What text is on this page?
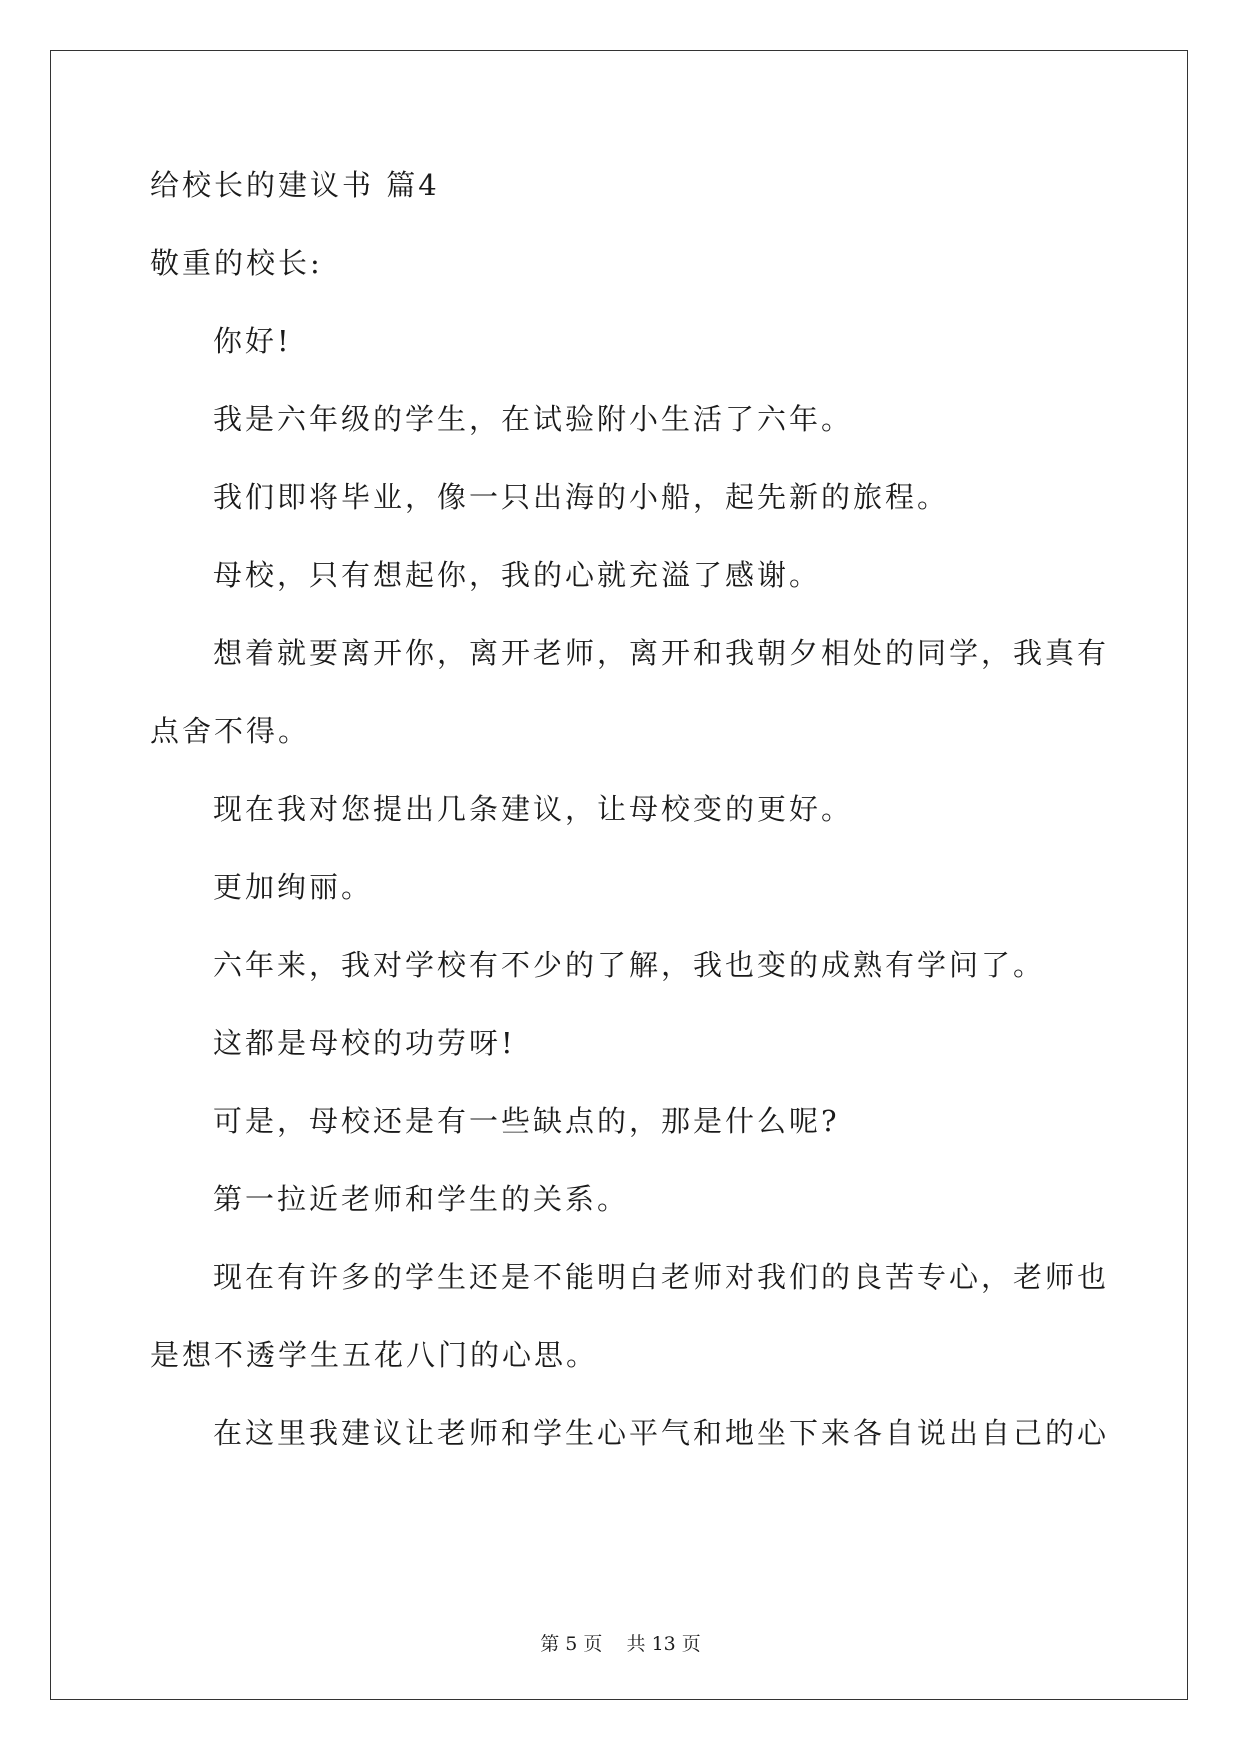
给校长的建议书 篇4
敬重的校长:
你好!
我是六年级的学生，在试验附小生活了六年。
我们即将毕业，像一只出海的小船，起先新的旅程。
母校，只有想起你，我的心就充溢了感谢。
想着就要离开你，离开老师，离开和我朝夕相处的同学，我真有
点舍不得。
现在我对您提出几条建议，让母校变的更好。
更加绚丽。
六年来，我对学校有不少的了解，我也变的成熟有学问了。
这都是母校的功劳呀!
可是，母校还是有一些缺点的，那是什么呢?
第一拉近老师和学生的关系。
现在有许多的学生还是不能明白老师对我们的良苦专心，老师也
是想不透学生五花八门的心思。
在这里我建议让老师和学生心平气和地坐下来各自说出自己的心
第 5 页 共 13 页
